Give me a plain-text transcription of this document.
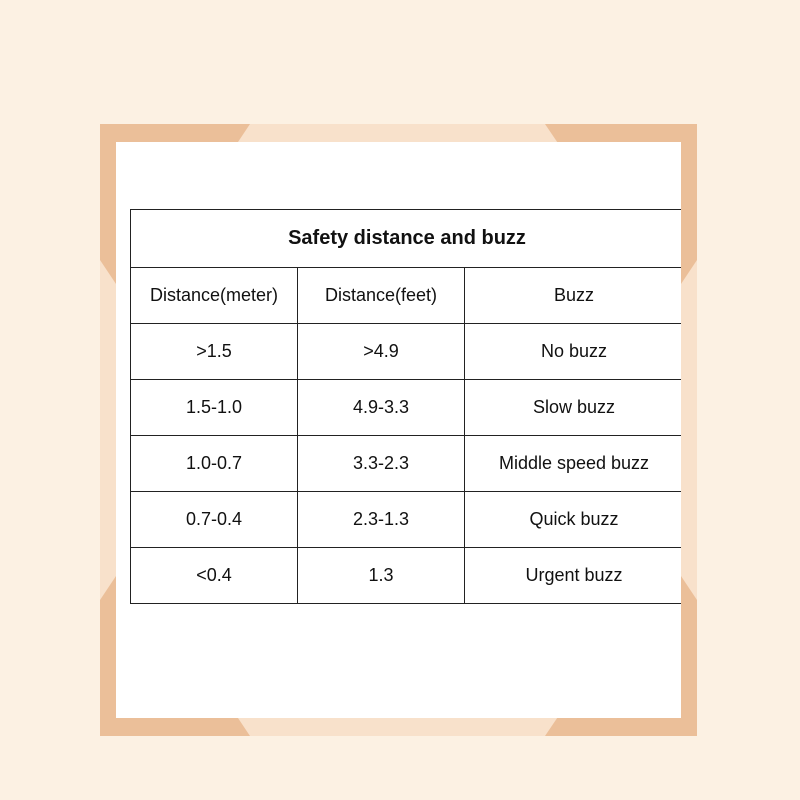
Safety distance and buzz		
Distance(meter)	Distance(feet)	Buzz
>1.5	>4.9	No buzz
1.5-1.0	4.9-3.3	Slow buzz
1.0-0.7	3.3-2.3	Middle speed buzz
0.7-0.4	2.3-1.3	Quick buzz
<0.4	1.3	Urgent buzz
